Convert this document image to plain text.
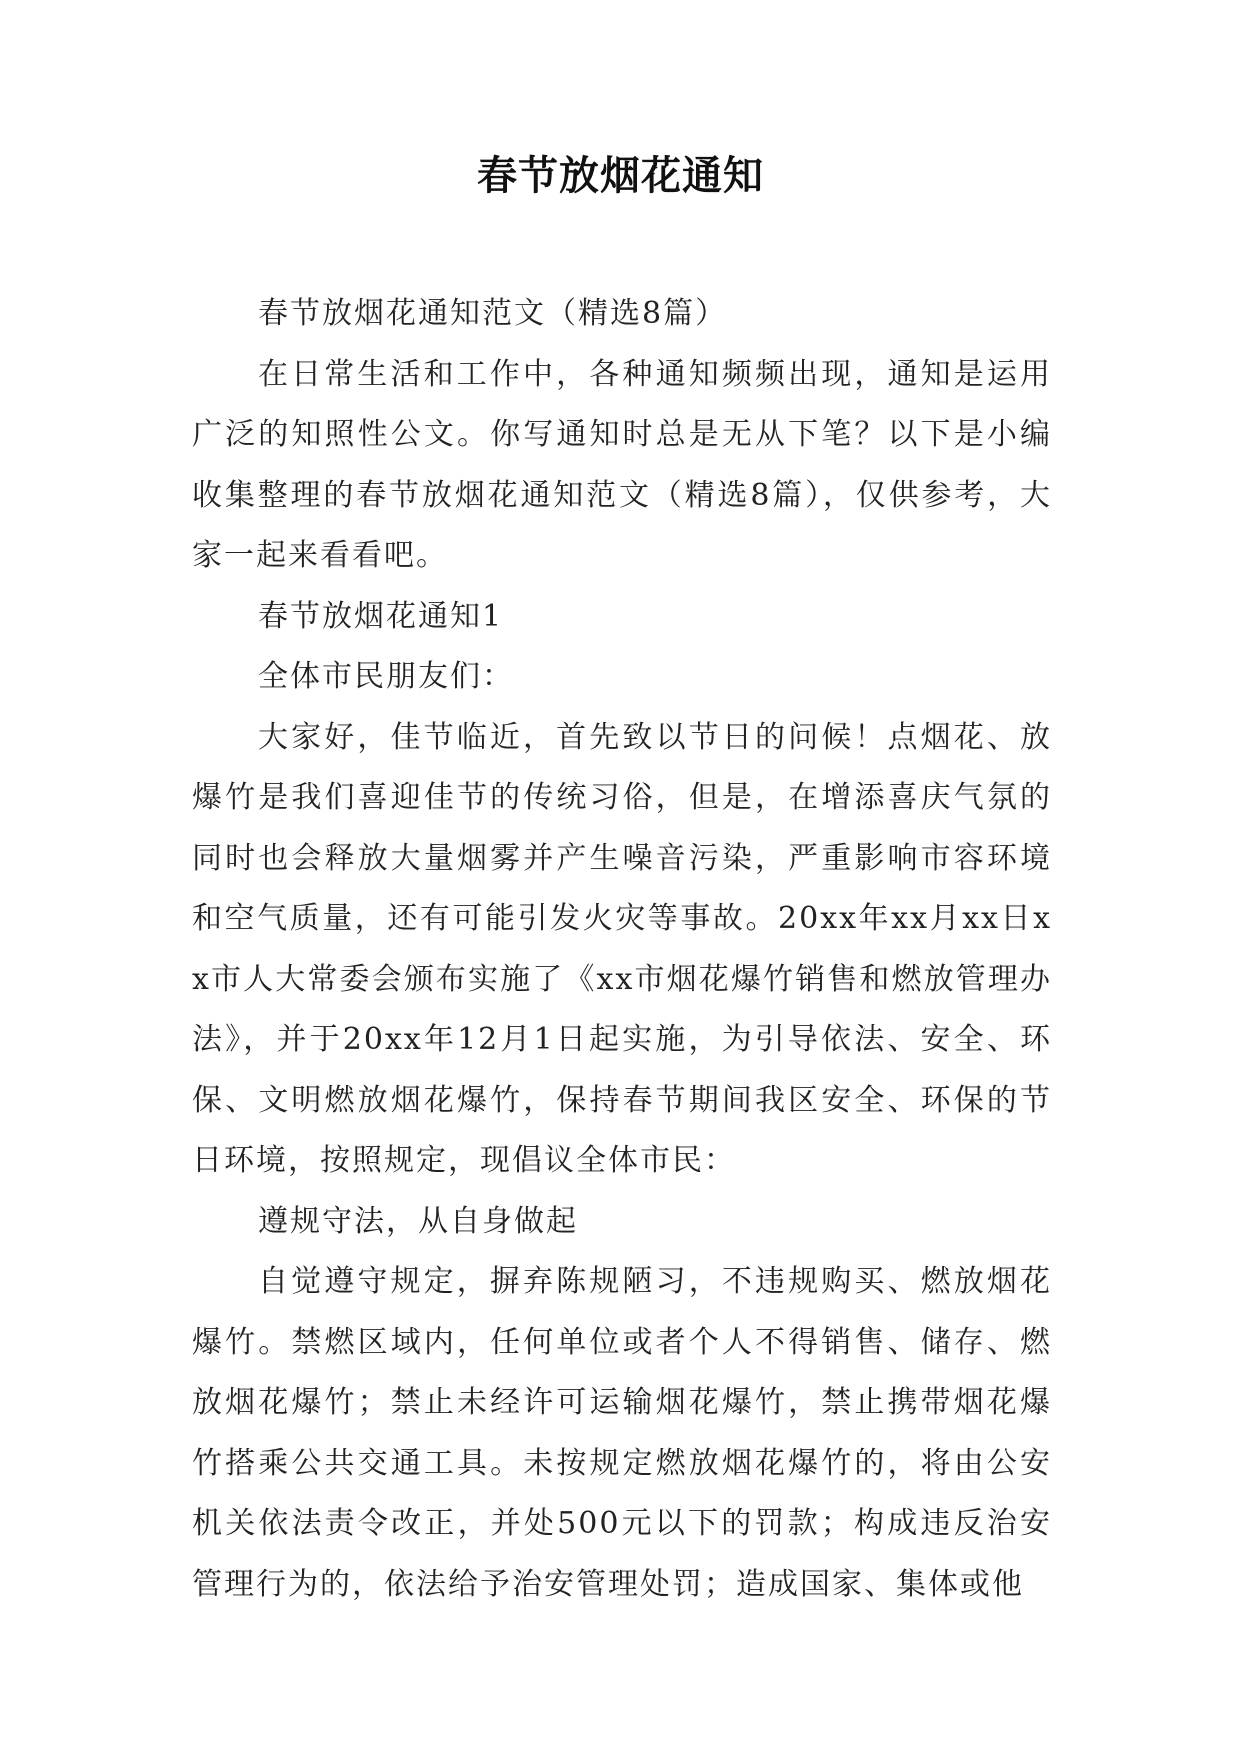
春节放烟花通知

春节放烟花通知范文（精选8篇）

在日常生活和工作中，各种通知频频出现，通知是运用广泛的知照性公文。你写通知时总是无从下笔？以下是小编收集整理的春节放烟花通知范文（精选8篇），仅供参考，大家一起来看看吧。

春节放烟花通知1

全体市民朋友们：

大家好，佳节临近，首先致以节日的问候！点烟花、放爆竹是我们喜迎佳节的传统习俗，但是，在增添喜庆气氛的同时也会释放大量烟雾并产生噪音污染，严重影响市容环境和空气质量，还有可能引发火灾等事故。20xx年xx月xx日xx市人大常委会颁布实施了《xx市烟花爆竹销售和燃放管理办法》，并于20xx年12月1日起实施，为引导依法、安全、环保、文明燃放烟花爆竹，保持春节期间我区安全、环保的节日环境，按照规定，现倡议全体市民：

遵规守法，从自身做起

自觉遵守规定，摒弃陈规陋习，不违规购买、燃放烟花爆竹。禁燃区域内，任何单位或者个人不得销售、储存、燃放烟花爆竹；禁止未经许可运输烟花爆竹，禁止携带烟花爆竹搭乘公共交通工具。未按规定燃放烟花爆竹的，将由公安机关依法责令改正，并处500元以下的罚款；构成违反治安管理行为的，依法给予治安管理处罚；造成国家、集体或他
